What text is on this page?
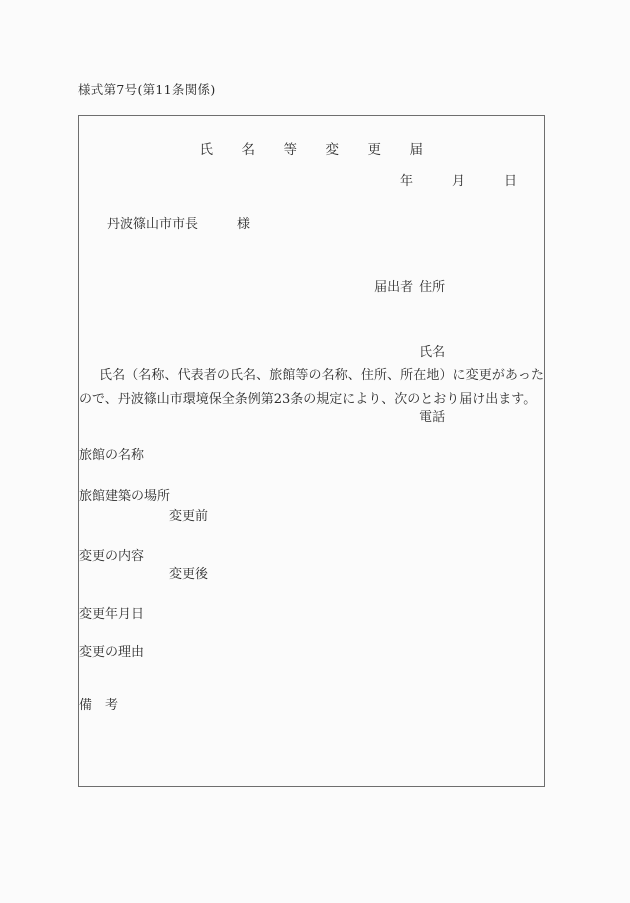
様式第7号(第11条関係)
氏　　名　　等　　変　　更　　届
年　　　月　　　日
丹波篠山市市長　　　様

届出者 住所

氏名

電話

氏名（名称、代表者の氏名、旅館等の名称、住所、所在地）に変更があったので、丹波篠山市環境保全条例第23条の規定により、次のとおり届け出ます。
旅館の名称
旅館建築の場所
変更前
変更の内容
変更後
変更年月日
変更の理由
備　考
